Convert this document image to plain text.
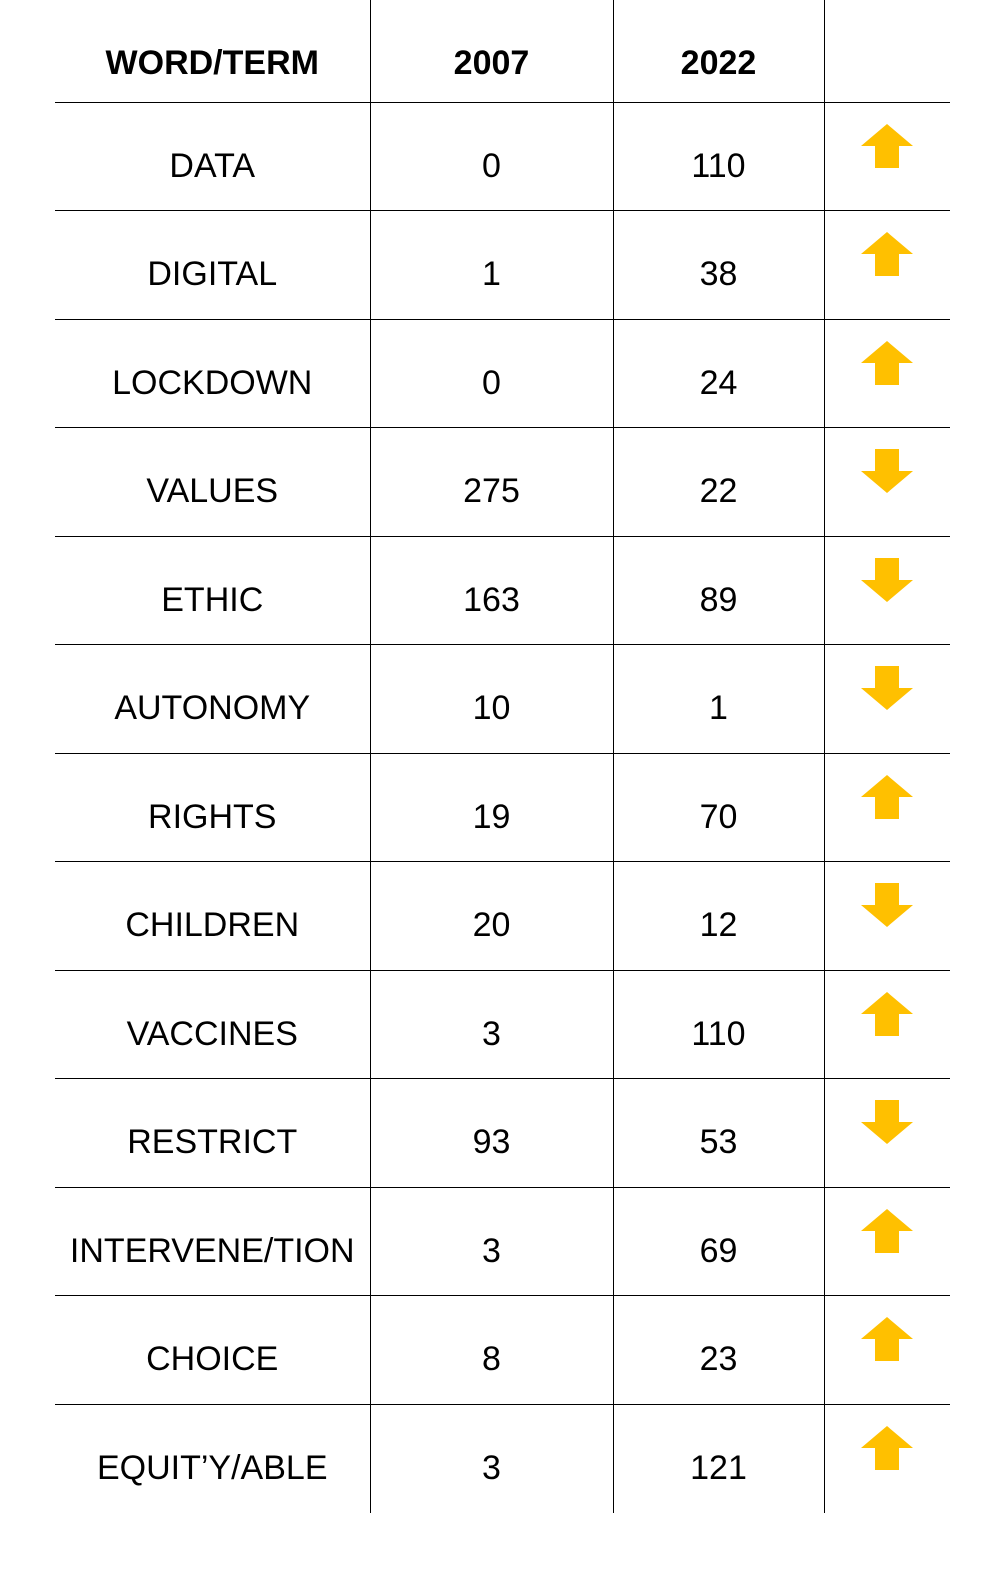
WORD/TERM	2007	2022	
DATA	0	110	

DIGITAL	1	38	

LOCKDOWN	0	24	

VALUES	275	22	

ETHIC	163	89	

AUTONOMY	10	1	

RIGHTS	19	70	

CHILDREN	20	12	

VACCINES	3	110	

RESTRICT	93	53	

INTERVENE/TION	3	69	

CHOICE	8	23	

EQUIT’Y/ABLE	3	121	
